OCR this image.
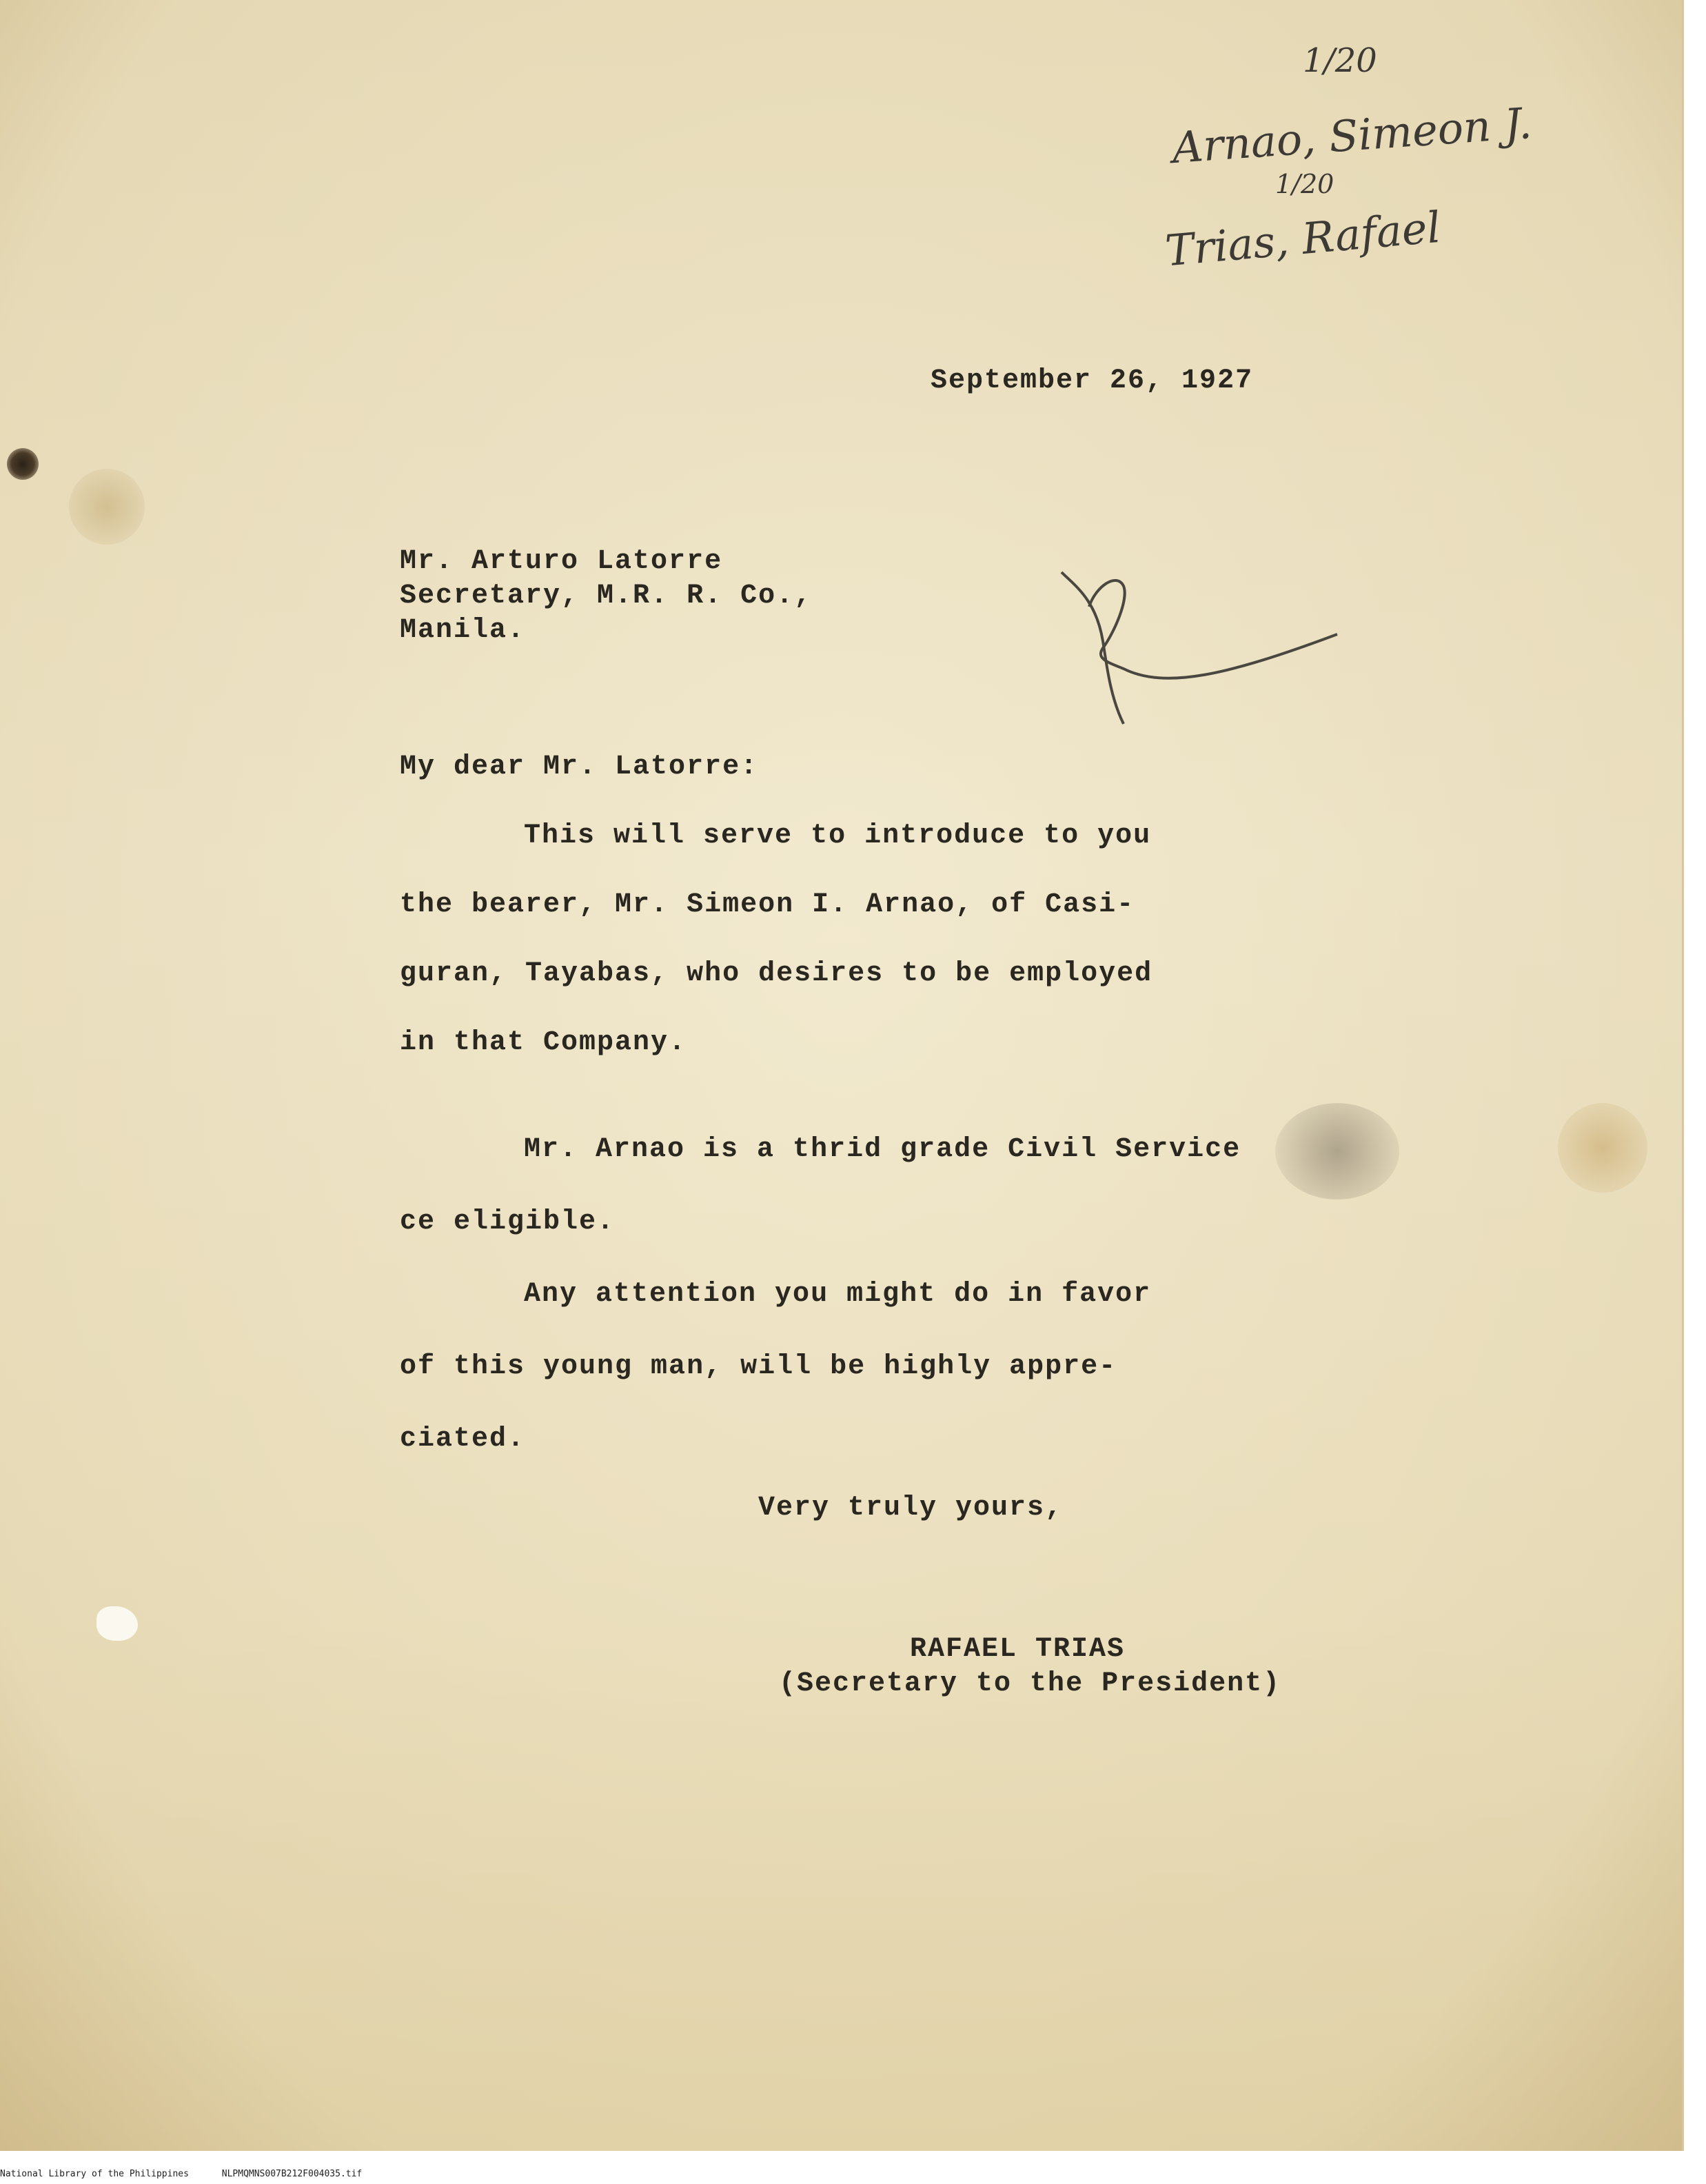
1/20
Arnao, Simeon J.
1/20
Trias, Rafael

September 26, 1927

Mr. Arturo Latorre

Secretary, M.R. R. Co.,

Manila.

My dear Mr. Latorre:

This will serve to introduce to you

the bearer, Mr. Simeon I. Arnao, of Casi-

guran, Tayabas, who desires to be employed

in that Company.

Mr. Arnao is a thrid grade Civil Service

ce eligible.

Any attention you might do in favor

of this young man, will be highly appre-

ciated.

Very truly yours,

RAFAEL TRIAS

(Secretary to the President)

National Library of the Philippines	NLPMQMNS007B212F004035.tif
